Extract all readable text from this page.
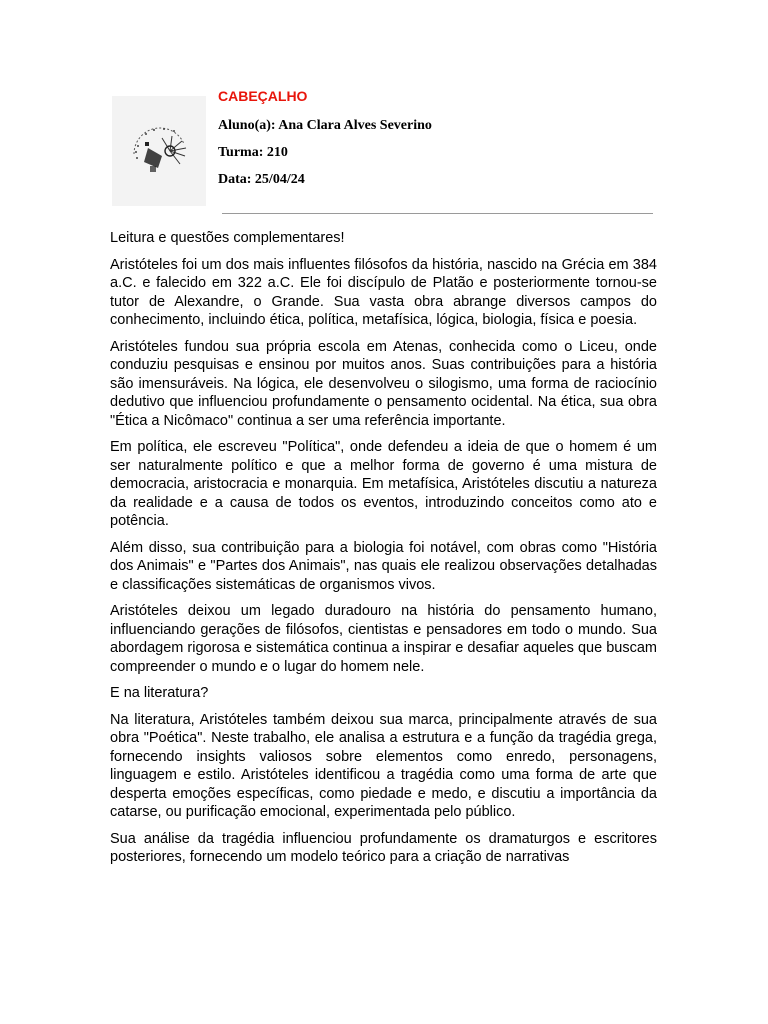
CABEÇALHO
Aluno(a): Ana Clara Alves Severino
Turma: 210
Data: 25/04/24

Leitura e questões complementares!

Aristóteles foi um dos mais influentes filósofos da história, nascido na Grécia em 384 a.C. e falecido em 322 a.C. Ele foi discípulo de Platão e posteriormente tornou-se tutor de Alexandre, o Grande. Sua vasta obra abrange diversos campos do conhecimento, incluindo ética, política, metafísica, lógica, biologia, física e poesia.

Aristóteles fundou sua própria escola em Atenas, conhecida como o Liceu, onde conduziu pesquisas e ensinou por muitos anos. Suas contribuições para a história são imensuráveis. Na lógica, ele desenvolveu o silogismo, uma forma de raciocínio dedutivo que influenciou profundamente o pensamento ocidental. Na ética, sua obra "Ética a Nicômaco" continua a ser uma referência importante.

Em política, ele escreveu "Política", onde defendeu a ideia de que o homem é um ser naturalmente político e que a melhor forma de governo é uma mistura de democracia, aristocracia e monarquia. Em metafísica, Aristóteles discutiu a natureza da realidade e a causa de todos os eventos, introduzindo conceitos como ato e potência.

Além disso, sua contribuição para a biologia foi notável, com obras como "História dos Animais" e "Partes dos Animais", nas quais ele realizou observações detalhadas e classificações sistemáticas de organismos vivos.

Aristóteles deixou um legado duradouro na história do pensamento humano, influenciando gerações de filósofos, cientistas e pensadores em todo o mundo. Sua abordagem rigorosa e sistemática continua a inspirar e desafiar aqueles que buscam compreender o mundo e o lugar do homem nele.

E na literatura?

Na literatura, Aristóteles também deixou sua marca, principalmente através de sua obra "Poética". Neste trabalho, ele analisa a estrutura e a função da tragédia grega, fornecendo insights valiosos sobre elementos como enredo, personagens, linguagem e estilo. Aristóteles identificou a tragédia como uma forma de arte que desperta emoções específicas, como piedade e medo, e discutiu a importância da catarse, ou purificação emocional, experimentada pelo público.

Sua análise da tragédia influenciou profundamente os dramaturgos e escritores posteriores, fornecendo um modelo teórico para a criação de narrativas
